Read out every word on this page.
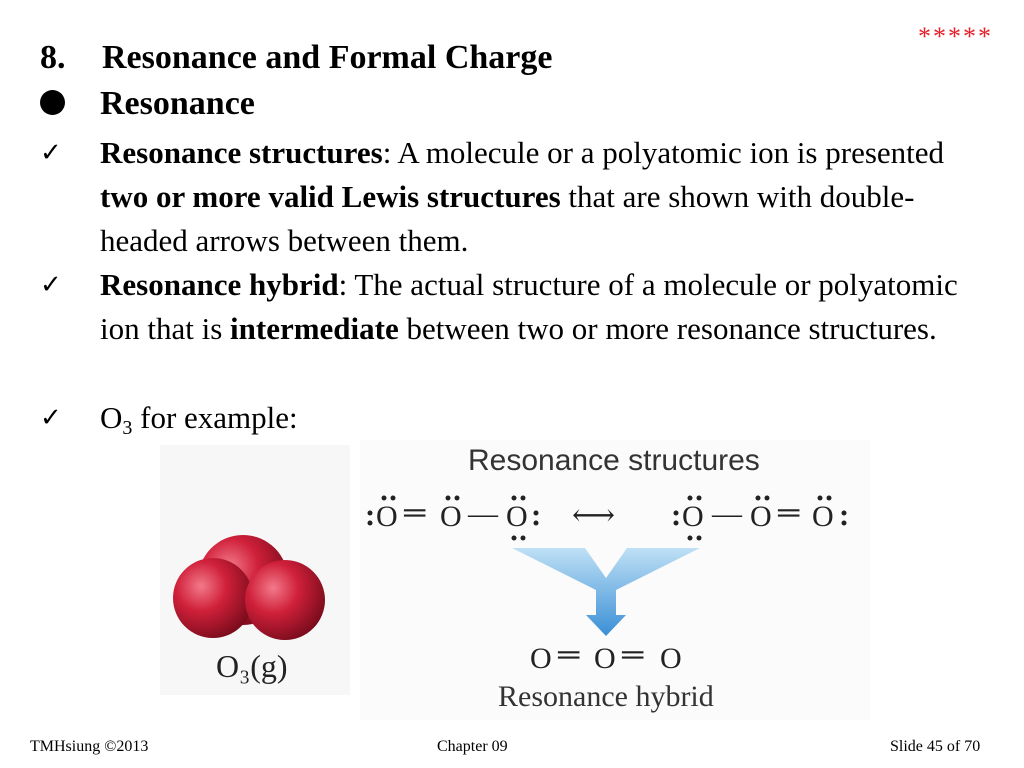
*****
8. Resonance and Formal Charge
Resonance
✓ Resonance structures: A molecule or a polyatomic ion is presented two or more valid Lewis structures that are shown with double-headed arrows between them.
✓ Resonance hybrid: The actual structure of a molecule or polyatomic ion that is intermediate between two or more resonance structures.
✓ O3 for example:
O₃(g)
Resonance structures
Resonance hybrid
O ═ O — O ⟷ O — O ═ O
O ═ O ═ O
TMHsiung ©2013	Chapter 09	Slide 45 of 70
